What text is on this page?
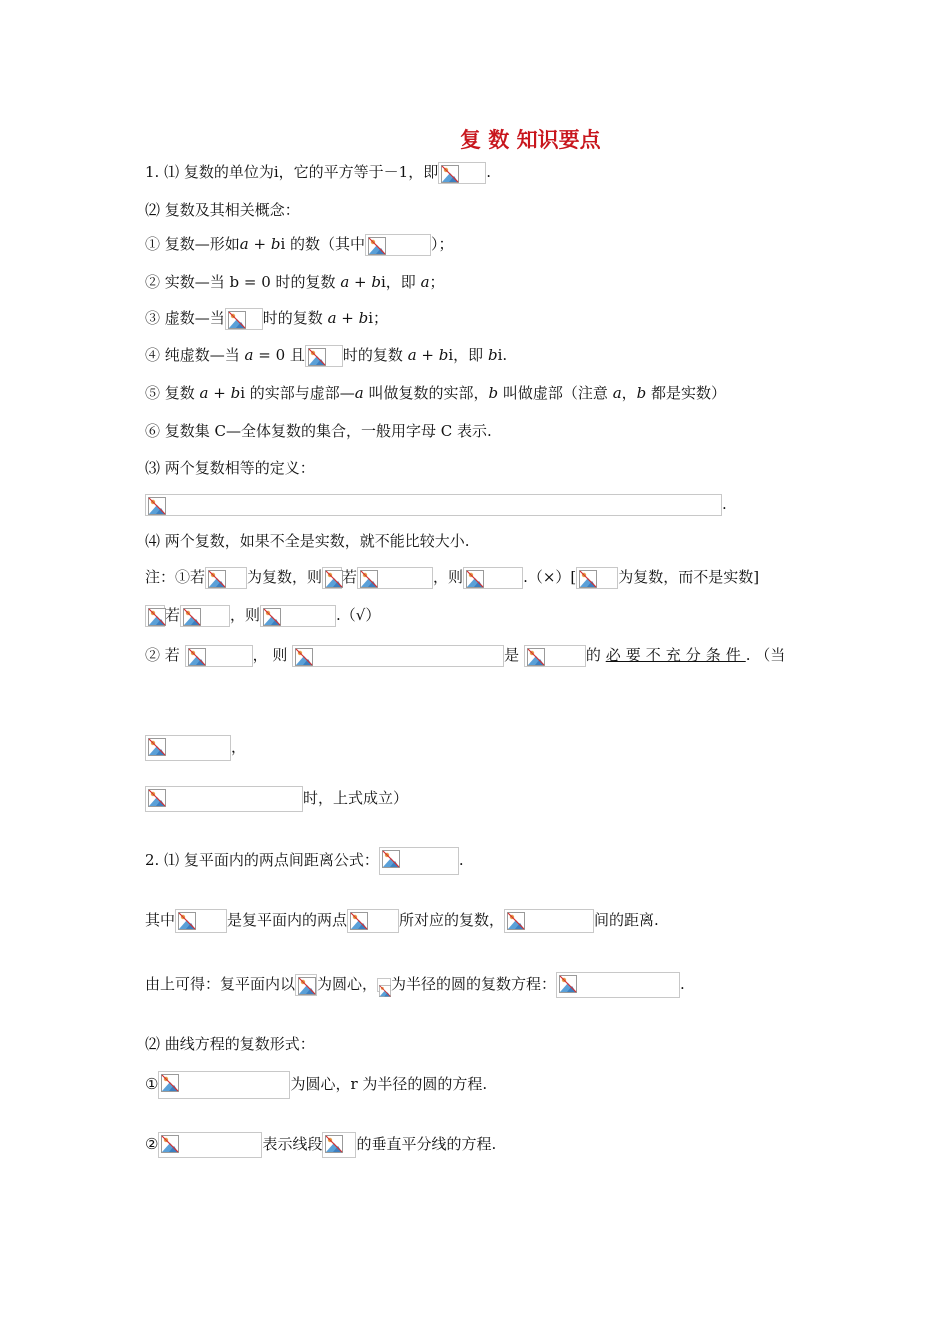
复 数 知识要点
1. ⑴ 复数的单位为i，它的平方等于－1，即	.
⑵ 复数及其相关概念：
① 复数—形如a + bi 的数（其中	）；
② 实数—当 b = 0 时的复数 a + bi，即 a；
③ 虚数—当	时的复数 a + bi；
④ 纯虚数—当 a = 0 且	时的复数 a + bi，即 bi.
⑤ 复数 a + bi 的实部与虚部—a 叫做复数的实部，b 叫做虚部（注意 a，b 都是实数）
⑥ 复数集 C—全体复数的集合，一般用字母 C 表示.
⑶ 两个复数相等的定义：
.
⑷ 两个复数，如果不全是实数，就不能比较大小.
注：①若	为复数，则 若	，则	.（×）[	为复数，而不是实数]
若	，则	.（√）
② 若	， 则	是	的 必要不充分条件. （当
，
时，上式成立）
2. ⑴ 复平面内的两点间距离公式：	.
其中	是复平面内的两点	所对应的复数，	间的距离.
由上可得：复平面内以 为圆心， 为半径的圆的复数方程：	.
⑵ 曲线方程的复数形式：
①	为圆心，r 为半径的圆的方程.
②	表示线段 的垂直平分线的方程.
